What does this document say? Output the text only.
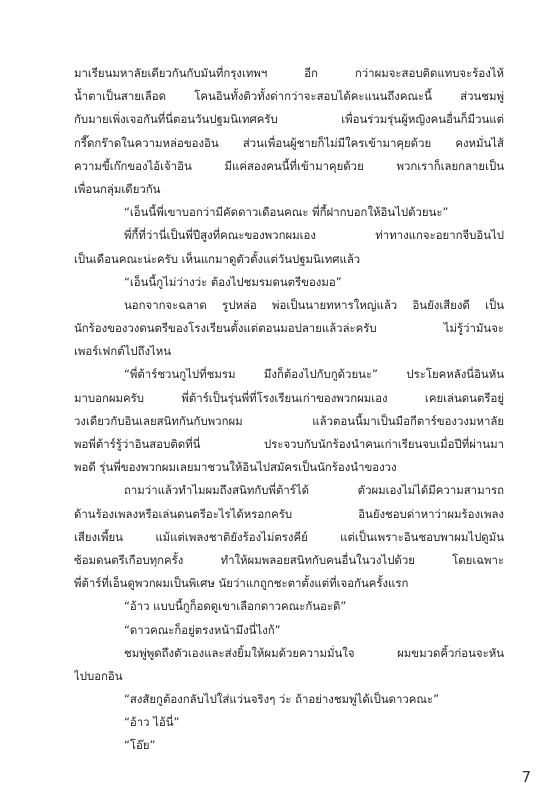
มาเรียนมหาลัยเดียวกันกับมันที่กรุงเทพฯ อีก กว่าผมจะสอบติดแทบจะร้องไห้
น้ำตาเป็นสายเลือด โคนอินทั้งติวทั้งด่ากว่าจะสอบได้คะแนนถึงคณะนี้ ส่วนชมพู่
กับมายเพิ่งเจอกันที่นี่ตอนวันปฐมนิเทศครับ เพื่อนร่วมรุ่นผู้หญิงคนอื่นก็มีวนแต่
กรี๊ดกร๊าดในความหล่อของอิน ส่วนเพื่อนผู้ชายก็ไม่มีใครเข้ามาคุยด้วย คงหมั่นไส้
ความขี้เก๊กของไอ้เจ้าอิน มีแค่สองคนนี้ที่เข้ามาคุยด้วย พวกเราก็เลยกลายเป็น
เพื่อนกลุ่มเดียวกัน
“เอ็นนี้พี่เขาบอกว่ามีคัดดาวเดือนคณะ พี่กี้ฝากบอกให้อินไปด้วยนะ”
พี่กี้ที่ว่านี่เป็นพี่ปีสูงที่คณะของพวกผมเอง ท่าทางแกจะอยากจีบอินไป
เป็นเดือนคณะน่ะครับ เห็นแกมาดูตัวตั้งแต่วันปฐมนิเทศแล้ว
“เอ็นนี้กูไม่ว่างว่ะ ต้องไปชมรมดนตรีของมอ”
นอกจากจะฉลาด รูปหล่อ พ่อเป็นนายทหารใหญ่แล้ว อินยังเสียงดี เป็น
นักร้องของวงดนตรีของโรงเรียนตั้งแต่ตอนมอปลายแล้วล่ะครับ ไม่รู้ว่ามันจะ
เพอร์เฟกต์ไปถึงไหน
“พี่ต้าร์ชวนกูไปที่ชมรม มึงก็ต้องไปกับกูด้วยนะ” ประโยคหลังนี่อินหัน
มาบอกผมครับ พี่ต้าร์เป็นรุ่นพี่ที่โรงเรียนเก่าของพวกผมเอง เคยเล่นดนตรีอยู่
วงเดียวกับอินเลยสนิทกันกับพวกผม แล้วตอนนี้มาเป็นมือกีตาร์ของวงมหาลัย
พอพี่ต้าร์รู้ว่าอินสอบติดที่นี่ ประจวบกับนักร้องนำคนเก่าเรียนจบเมื่อปีที่ผ่านมา
พอดี รุ่นพี่ของพวกผมเลยมาชวนให้อินไปสมัครเป็นนักร้องนำของวง
ถามว่าแล้วทำไมผมถึงสนิทกับพี่ต้าร์ได้ ตัวผมเองไม่ได้มีความสามารถ
ด้านร้องเพลงหรือเล่นดนตรีอะไรได้หรอกครับ อินยังชอบด่าหาว่าผมร้องเพลง
เสียงเพี้ยน แม้แต่เพลงชาติยังร้องไม่ตรงคีย์ แต่เป็นเพราะอินชอบพาผมไปดูมัน
ซ้อมดนตรีเกือบทุกครั้ง ทำให้ผมพลอยสนิทกับคนอื่นในวงไปด้วย โดยเฉพาะ
พี่ต้าร์ที่เอ็นดูพวกผมเป็นพิเศษ นัยว่าแกถูกชะตาตั้งแต่ที่เจอกันครั้งแรก
“อ้าว แบบนี้กูก็อดดูเขาเลือกดาวคณะกันอะดิ”
“ดาวคณะก็อยู่ตรงหน้ามึงนี่ไงก้”
ชมพู่พูดถึงตัวเองและส่งยิ้มให้ผมด้วยความมั่นใจ ผมขมวดคิ้วก่อนจะหัน
ไปบอกอิน
“สงสัยกูต้องกลับไปใส่แว่นจริงๆ ว่ะ ถ้าอย่างชมพู่ได้เป็นดาวคณะ”
“อ้าว ไอ้นี่”
“โอ๊ย”
7
